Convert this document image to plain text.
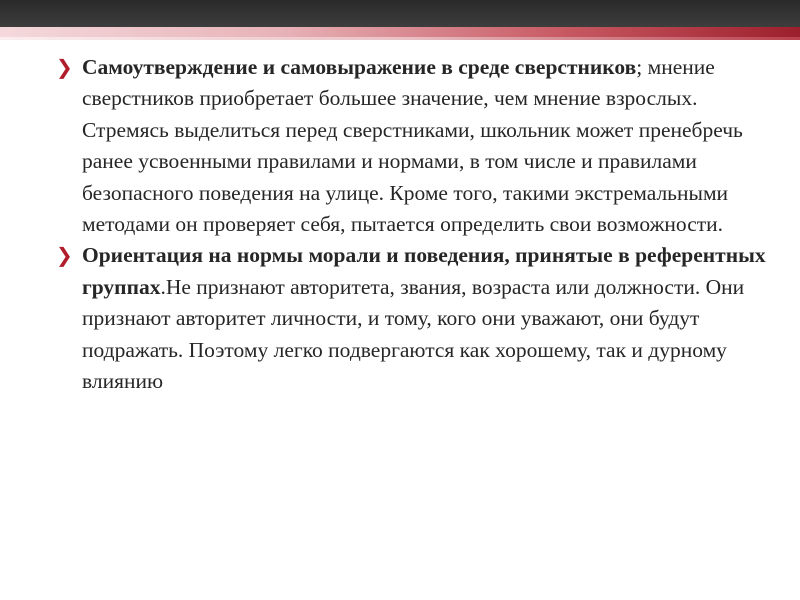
❯ Самоутверждение и самовыражение в среде сверстников; мнение сверстников приобретает большее значение, чем мнение взрослых. Стремясь выделиться перед сверстниками, школьник может пренебречь ранее усвоенными правилами и нормами, в том числе и правилами безопасного поведения на улице. Кроме того, такими экстремальными методами он проверяет себя, пытается определить свои возможности.
❯ Ориентация на нормы морали и поведения, принятые в референтных группах.Не признают авторитета, звания, возраста или должности. Они признают авторитет личности, и тому, кого они уважают, они будут подражать. Поэтому легко подвергаются как хорошему, так и дурному влиянию
